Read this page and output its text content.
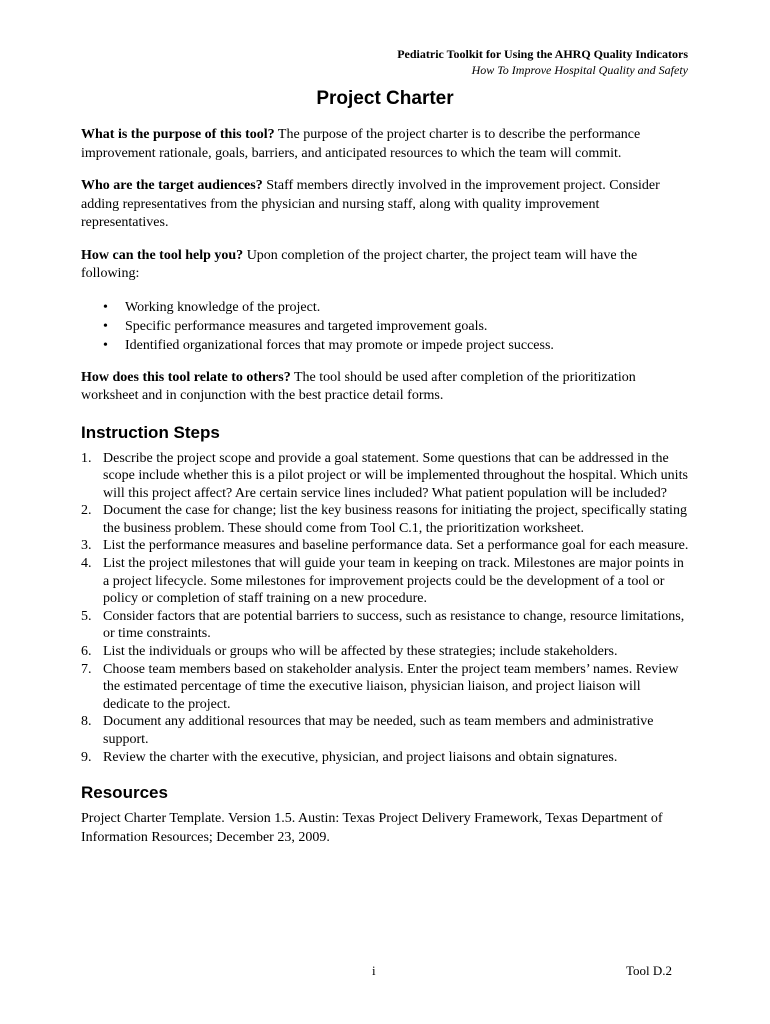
Pediatric Toolkit for Using the AHRQ Quality Indicators
How To Improve Hospital Quality and Safety
Project Charter

What is the purpose of this tool? The purpose of the project charter is to describe the performance improvement rationale, goals, barriers, and anticipated resources to which the team will commit.

Who are the target audiences? Staff members directly involved in the improvement project. Consider adding representatives from the physician and nursing staff, along with quality improvement representatives.

How can the tool help you? Upon completion of the project charter, the project team will have the following:

• Working knowledge of the project.
• Specific performance measures and targeted improvement goals.
• Identified organizational forces that may promote or impede project success.

How does this tool relate to others? The tool should be used after completion of the prioritization worksheet and in conjunction with the best practice detail forms.

Instruction Steps
1. Describe the project scope and provide a goal statement. Some questions that can be addressed in the scope include whether this is a pilot project or will be implemented throughout the hospital. Which units will this project affect? Are certain service lines included? What patient population will be included?
2. Document the case for change; list the key business reasons for initiating the project, specifically stating the business problem. These should come from Tool C.1, the prioritization worksheet.
3. List the performance measures and baseline performance data. Set a performance goal for each measure.
4. List the project milestones that will guide your team in keeping on track. Milestones are major points in a project lifecycle. Some milestones for improvement projects could be the development of a tool or policy or completion of staff training on a new procedure.
5. Consider factors that are potential barriers to success, such as resistance to change, resource limitations, or time constraints.
6. List the individuals or groups who will be affected by these strategies; include stakeholders.
7. Choose team members based on stakeholder analysis. Enter the project team members’ names. Review the estimated percentage of time the executive liaison, physician liaison, and project liaison will dedicate to the project.
8. Document any additional resources that may be needed, such as team members and administrative support.
9. Review the charter with the executive, physician, and project liaisons and obtain signatures.
Resources

Project Charter Template. Version 1.5. Austin: Texas Project Delivery Framework, Texas Department of Information Resources; December 23, 2009.

i	Tool D.2
